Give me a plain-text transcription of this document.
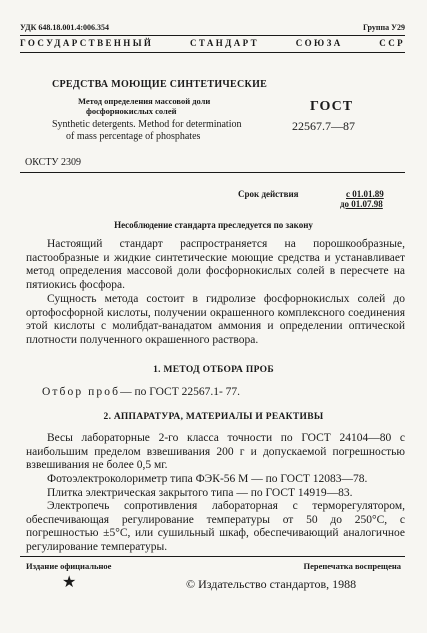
УДК 648.18.001.4:006.354	Группа У29
ГОСУДАРСТВЕННЫЙ СТАНДАРТ СОЮЗА ССР
СРЕДСТВА МОЮЩИЕ СИНТЕТИЧЕСКИЕ
Метод определения массовой доли
фосфорнокислых солей
Synthetic detergents. Method for determination
of mass percentage of phosphates
ГОСТ
22567.7—87
ОКСТУ 2309
Срок действия	с 01.01.89
до 01.07.98
Несоблюдение стандарта преследуется по закону
Настоящий стандарт распространяется на порошкообразные, пастообразные и жидкие синтетические моющие средства и устанавливает метод определения массовой доли фосфорнокислых солей в пересчете на пятиокись фосфора.
Сущность метода состоит в гидролизе фосфорнокислых солей до ортофосфорной кислоты, получении окрашенного комплексного соединения этой кислоты с молибдат-ванадатом аммония и определении оптической плотности полученного окрашенного раствора.
1. МЕТОД ОТБОРА ПРОБ
Отбор проб— по ГОСТ 22567.1- 77.
2. АППАРАТУРА, МАТЕРИАЛЫ И РЕАКТИВЫ
Весы лабораторные 2-го класса точности по ГОСТ 24104—80 с наибольшим пределом взвешивания 200 г и допускаемой погрешностью взвешивания не более 0,5 мг.
Фотоэлектроколориметр типа ФЭК-56 М — по ГОСТ 12083—78.
Плитка электрическая закрытого типа — по ГОСТ 14919—83.
Электропечь сопротивления лабораторная с терморегулятором, обеспечивающая регулирование температуры от 50 до 250°С, с погрешностью ±5°С, или сушильный шкаф, обеспечивающий аналогичное регулирование температуры.
Издание официальное	Перепечатка воспрещена
★	© Издательство стандартов, 1988
